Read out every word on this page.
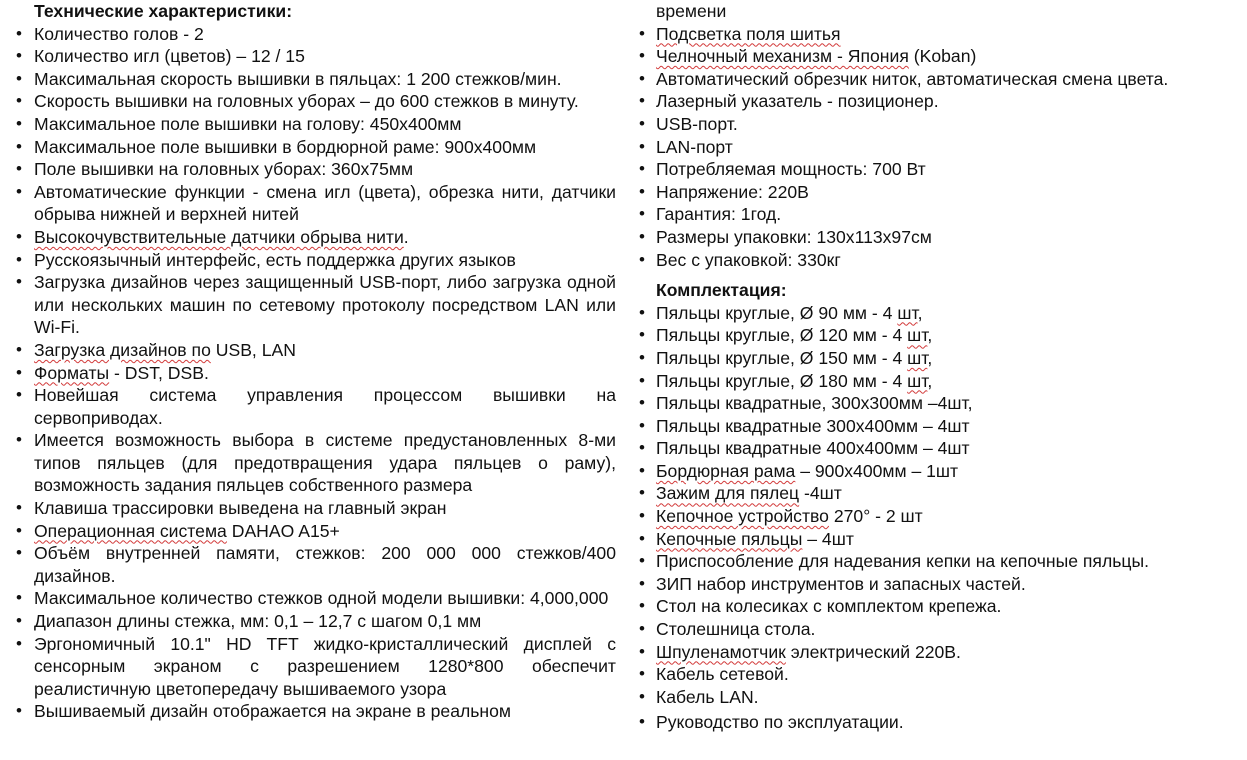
Технические характеристики:
• Количество голов - 2
• Количество игл (цветов) – 12 / 15
• Максимальная скорость вышивки в пяльцах: 1 200 стежков/мин.
• Скорость вышивки на головных уборах – до 600 стежков в минуту.
• Максимальное поле вышивки на голову: 450х400мм
• Максимальное поле вышивки в бордюрной раме: 900х400мм
• Поле вышивки на головных уборах: 360х75мм
• Автоматические функции - смена игл (цвета), обрезка нити, датчики обрыва нижней и верхней нитей
• Высокочувствительные датчики обрыва нити.
• Русскоязычный интерфейс, есть поддержка других языков
• Загрузка дизайнов через защищенный USB-порт, либо загрузка одной или нескольких машин по сетевому протоколу посредством LAN или Wi-Fi.
• Загрузка дизайнов по USB, LAN
• Форматы - DST, DSB.
• Новейшая система управления процессом вышивки на сервоприводах.
• Имеется возможность выбора в системе предустановленных 8-ми типов пяльцев (для предотвращения удара пяльцев о раму), возможность задания пяльцев собственного размера
• Клавиша трассировки выведена на главный экран
• Операционная система DAHAO A15+
• Объём внутренней памяти, стежков: 200 000 000 стежков/400 дизайнов.
• Максимальное количество стежков одной модели вышивки: 4,000,000
• Диапазон длины стежка, мм: 0,1 – 12,7 с шагом 0,1 мм
• Эргономичный 10.1" HD TFT жидко-кристаллический дисплей с сенсорным экраном с разрешением 1280*800 обеспечит реалистичную цветопередачу вышиваемого узора
• Вышиваемый дизайн отображается на экране в реальном

времени

• Подсветка поля шитья
• Челночный механизм - Япония (Koban)
• Автоматический обрезчик ниток, автоматическая смена цвета.
• Лазерный указатель - позиционер.
• USB-порт.
• LAN-порт
• Потребляемая мощность: 700 Вт
• Напряжение: 220В
• Гарантия: 1год.
• Размеры упаковки: 130х113х97см
• Вес с упаковкой: 330кг
Комплектация:
• Пяльцы круглые, Ø 90 мм - 4 шт,
• Пяльцы круглые, Ø 120 мм - 4 шт,
• Пяльцы круглые, Ø 150 мм - 4 шт,
• Пяльцы круглые, Ø 180 мм - 4 шт,
• Пяльцы квадратные, 300х300мм –4шт,
• Пяльцы квадратные 300х400мм – 4шт
• Пяльцы квадратные 400х400мм – 4шт
• Бордюрная рама – 900х400мм – 1шт
• Зажим для пялец -4шт
• Кепочное устройство 270° - 2 шт
• Кепочные пяльцы – 4шт
• Приспособление для надевания кепки на кепочные пяльцы.
• ЗИП набор инструментов и запасных частей.
• Стол на колесиках с комплектом крепежа.
• Столешница стола.
• Шпуленамотчик электрический 220В.
• Кабель сетевой.
• Кабель LAN.
• Руководство по эксплуатации.
